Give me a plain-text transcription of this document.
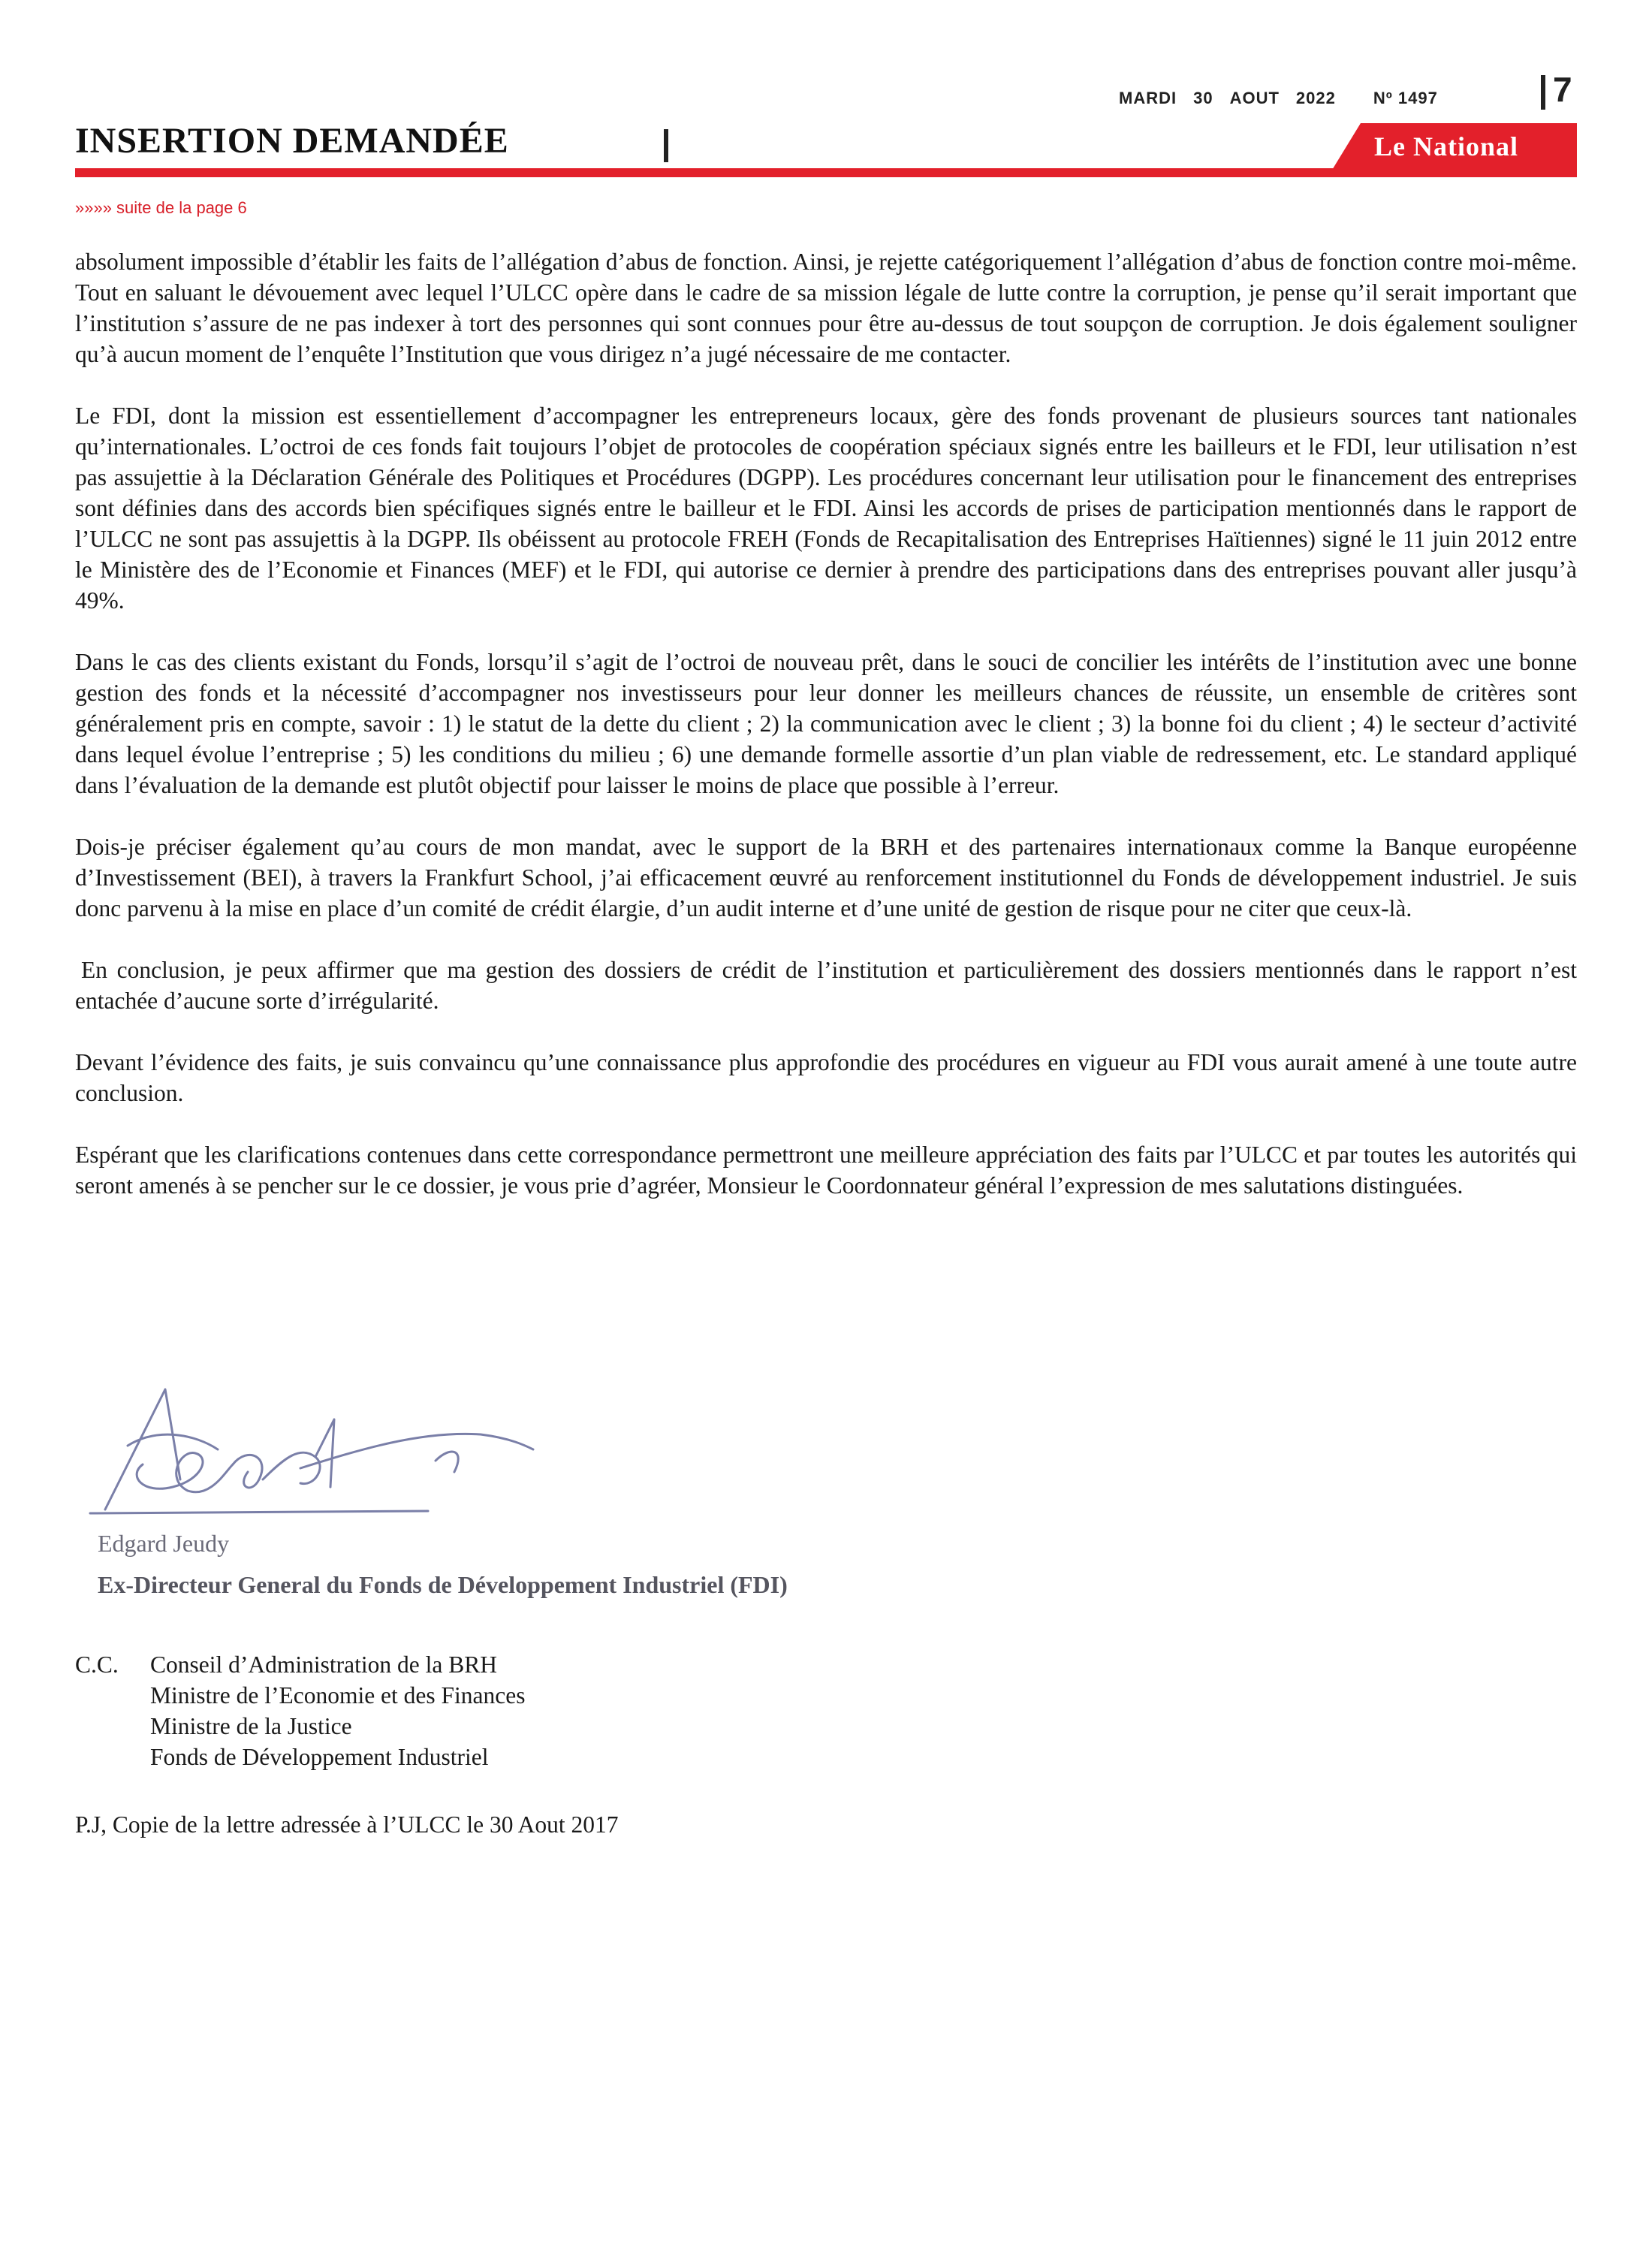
MARDI 30 AOUT 2022 Nº 1497	7
INSERTION DEMANDÉE	Le National
»»»» suite de la page 6

absolument impossible d’établir les faits de l’allégation d’abus de fonction. Ainsi, je rejette catégoriquement l’allégation d’abus de fonction contre moi-même. Tout en saluant le dévouement avec lequel l’ULCC opère dans le cadre de sa mission légale de lutte contre la corruption, je pense qu’il serait important que l’institution s’assure de ne pas indexer à tort des personnes qui sont connues pour être au-dessus de tout soupçon de corruption. Je dois également souligner qu’à aucun moment de l’enquête l’Institution que vous dirigez n’a jugé nécessaire de me contacter.

Le FDI, dont la mission est essentiellement d’accompagner les entrepreneurs locaux, gère des fonds provenant de plusieurs sources tant nationales qu’internationales. L’octroi de ces fonds fait toujours l’objet de protocoles de coopération spéciaux signés entre les bailleurs et le FDI, leur utilisation n’est pas assujettie à la Déclaration Générale des Politiques et Procédures (DGPP). Les procédures concernant leur utilisation pour le financement des entreprises sont définies dans des accords bien spécifiques signés entre le bailleur et le FDI. Ainsi les accords de prises de participation mentionnés dans le rapport de l’ULCC ne sont pas assujettis à la DGPP. Ils obéissent au protocole FREH (Fonds de Recapitalisation des Entreprises Haïtiennes) signé le 11 juin 2012 entre le Ministère des de l’Economie et Finances (MEF) et le FDI, qui autorise ce dernier à prendre des participations dans des entreprises pouvant aller jusqu’à 49%.

Dans le cas des clients existant du Fonds, lorsqu’il s’agit de l’octroi de nouveau prêt, dans le souci de concilier les intérêts de l’institution avec une bonne gestion des fonds et la nécessité d’accompagner nos investisseurs pour leur donner les meilleurs chances de réussite, un ensemble de critères sont généralement pris en compte, savoir : 1) le statut de la dette du client ; 2) la communication avec le client ; 3) la bonne foi du client ; 4) le secteur d’activité dans lequel évolue l’entreprise ; 5) les conditions du milieu ; 6) une demande formelle assortie d’un plan viable de redressement, etc. Le standard appliqué dans l’évaluation de la demande est plutôt objectif pour laisser le moins de place que possible à l’erreur.

Dois-je préciser également qu’au cours de mon mandat, avec le support de la BRH et des partenaires internationaux comme la Banque européenne d’Investissement (BEI), à travers la Frankfurt School, j’ai efficacement œuvré au renforcement institutionnel du Fonds de développement industriel. Je suis donc parvenu à la mise en place d’un comité de crédit élargie, d’un audit interne et d’une unité de gestion de risque pour ne citer que ceux-là.

En conclusion, je peux affirmer que ma gestion des dossiers de crédit de l’institution et particulièrement des dossiers mentionnés dans le rapport n’est entachée d’aucune sorte d’irrégularité.

Devant l’évidence des faits, je suis convaincu qu’une connaissance plus approfondie des procédures en vigueur au FDI vous aurait amené à une toute autre conclusion.

Espérant que les clarifications contenues dans cette correspondance permettront une meilleure appréciation des faits par l’ULCC et par toutes les autorités qui seront amenés à se pencher sur le ce dossier, je vous prie d’agréer, Monsieur le Coordonnateur général l’expression de mes salutations distinguées.

Edgard Jeudy
Ex-Directeur General du Fonds de Développement Industriel (FDI)
C.C.	Conseil d’Administration de la BRH
Ministre de l’Economie et des Finances
Ministre de la Justice
Fonds de Développement Industriel
P.J, Copie de la lettre adressée à l’ULCC le 30 Aout 2017
